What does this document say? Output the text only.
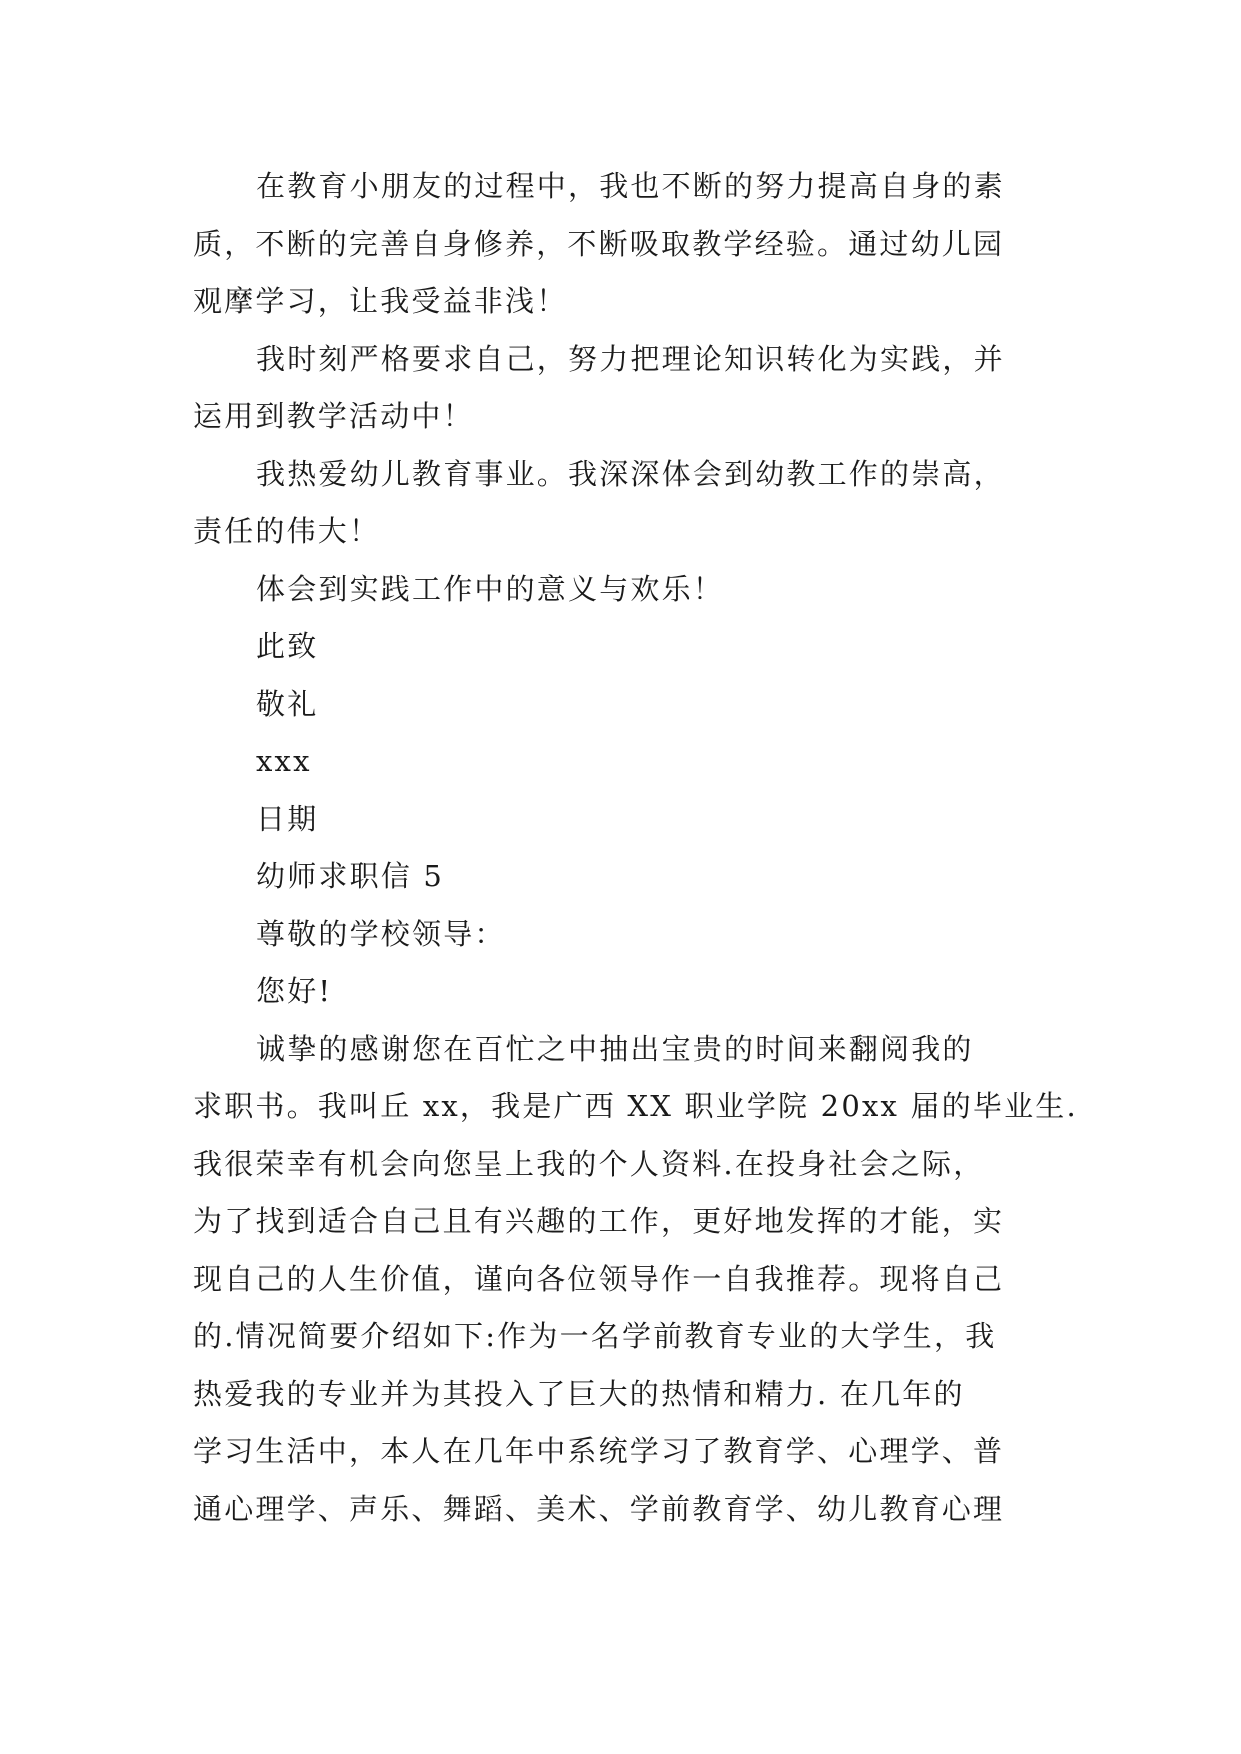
在教育小朋友的过程中，我也不断的努力提高自身的素
质，不断的完善自身修养，不断吸取教学经验。通过幼儿园
观摩学习，让我受益非浅！
我时刻严格要求自己，努力把理论知识转化为实践，并
运用到教学活动中！
我热爱幼儿教育事业。我深深体会到幼教工作的崇高，
责任的伟大！
体会到实践工作中的意义与欢乐！
此致
敬礼
xxx
日期
幼师求职信 5
尊敬的学校领导：
您好!
诚挚的感谢您在百忙之中抽出宝贵的时间来翻阅我的
求职书。我叫丘 xx，我是广西 XX 职业学院 20xx 届的毕业生.
我很荣幸有机会向您呈上我的个人资料.在投身社会之际，
为了找到适合自己且有兴趣的工作，更好地发挥的才能，实
现自己的人生价值，谨向各位领导作一自我推荐。现将自己
的.情况简要介绍如下:作为一名学前教育专业的大学生，我
热爱我的专业并为其投入了巨大的热情和精力. 在几年的
学习生活中，本人在几年中系统学习了教育学、心理学、普
通心理学、声乐、舞蹈、美术、学前教育学、幼儿教育心理
